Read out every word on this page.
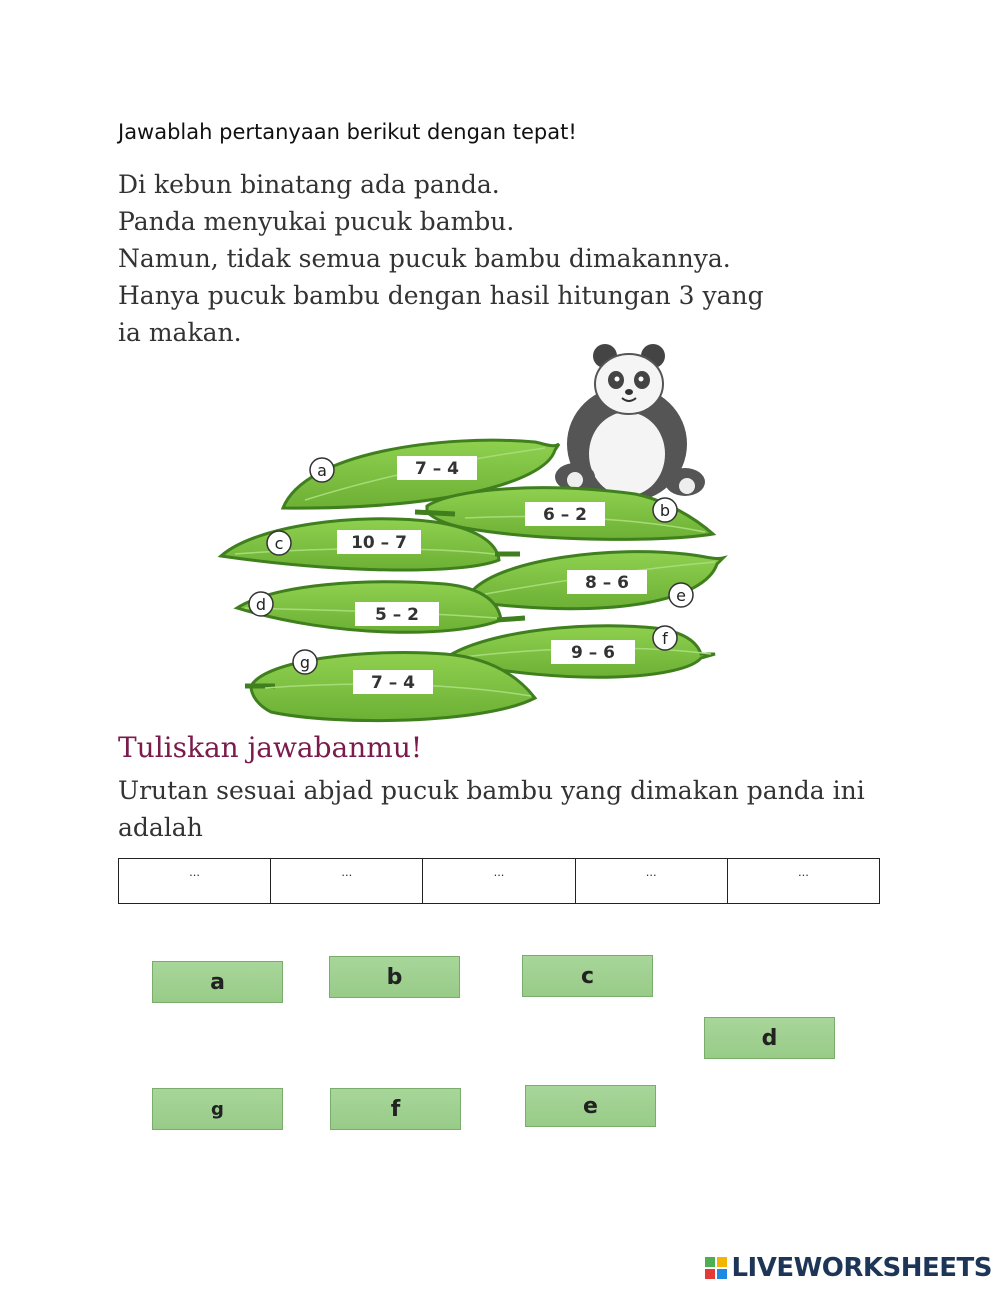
Jawablah pertanyaan berikut dengan tepat!
Di kebun binatang ada panda.
Panda menyukai pucuk bambu.
Namun, tidak semua pucuk bambu dimakannya.
Hanya pucuk bambu dengan hasil hitungan 3 yang
ia makan.
a	7 – 4
b
6 – 2
e
8 – 6
c	10 – 7
f
9 – 6
d
5 – 2
g
7 – 4
Tuliskan jawabanmu!
Urutan sesuai abjad pucuk bambu yang dimakan panda ini adalah
...	...	...	...	...
a	b	c
d
g	f	e
LIVEWORKSHEETS
